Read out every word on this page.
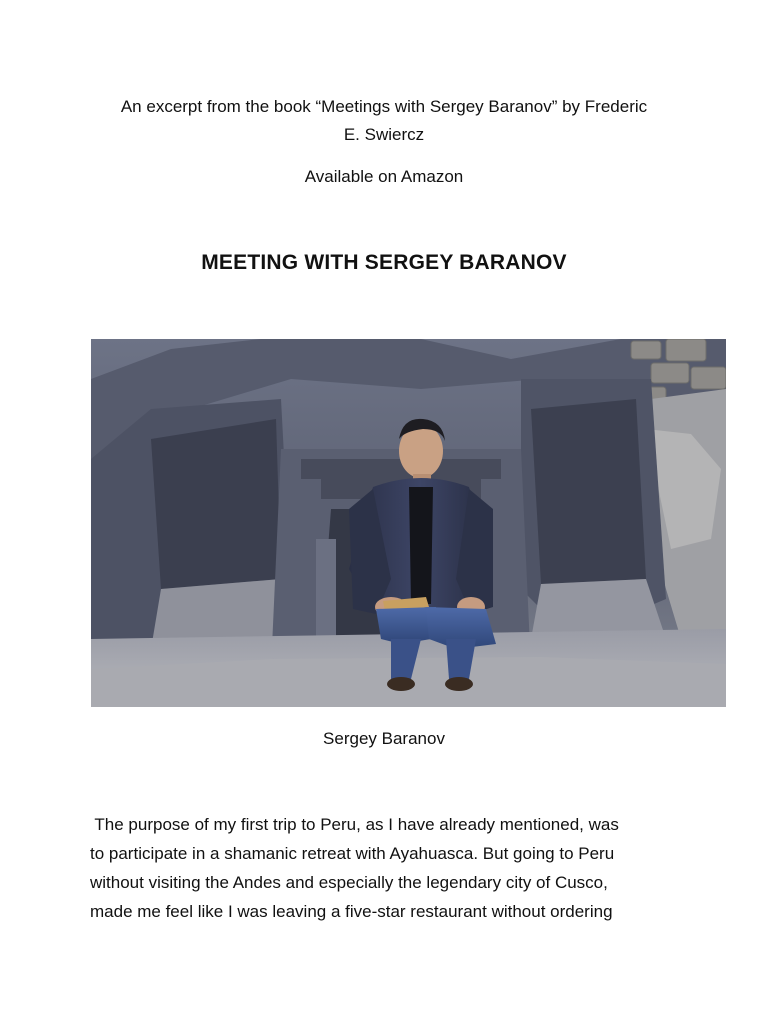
An excerpt from the book “Meetings with Sergey Baranov” by Frederic
E. Swiercz
Available on Amazon
MEETING WITH SERGEY BARANOV
Sergey Baranov

The purpose of my first trip to Peru, as I have already mentioned, was

to participate in a shamanic retreat with Ayahuasca. But going to Peru

without visiting the Andes and especially the legendary city of Cusco,

made me feel like I was leaving a five-star restaurant without ordering
